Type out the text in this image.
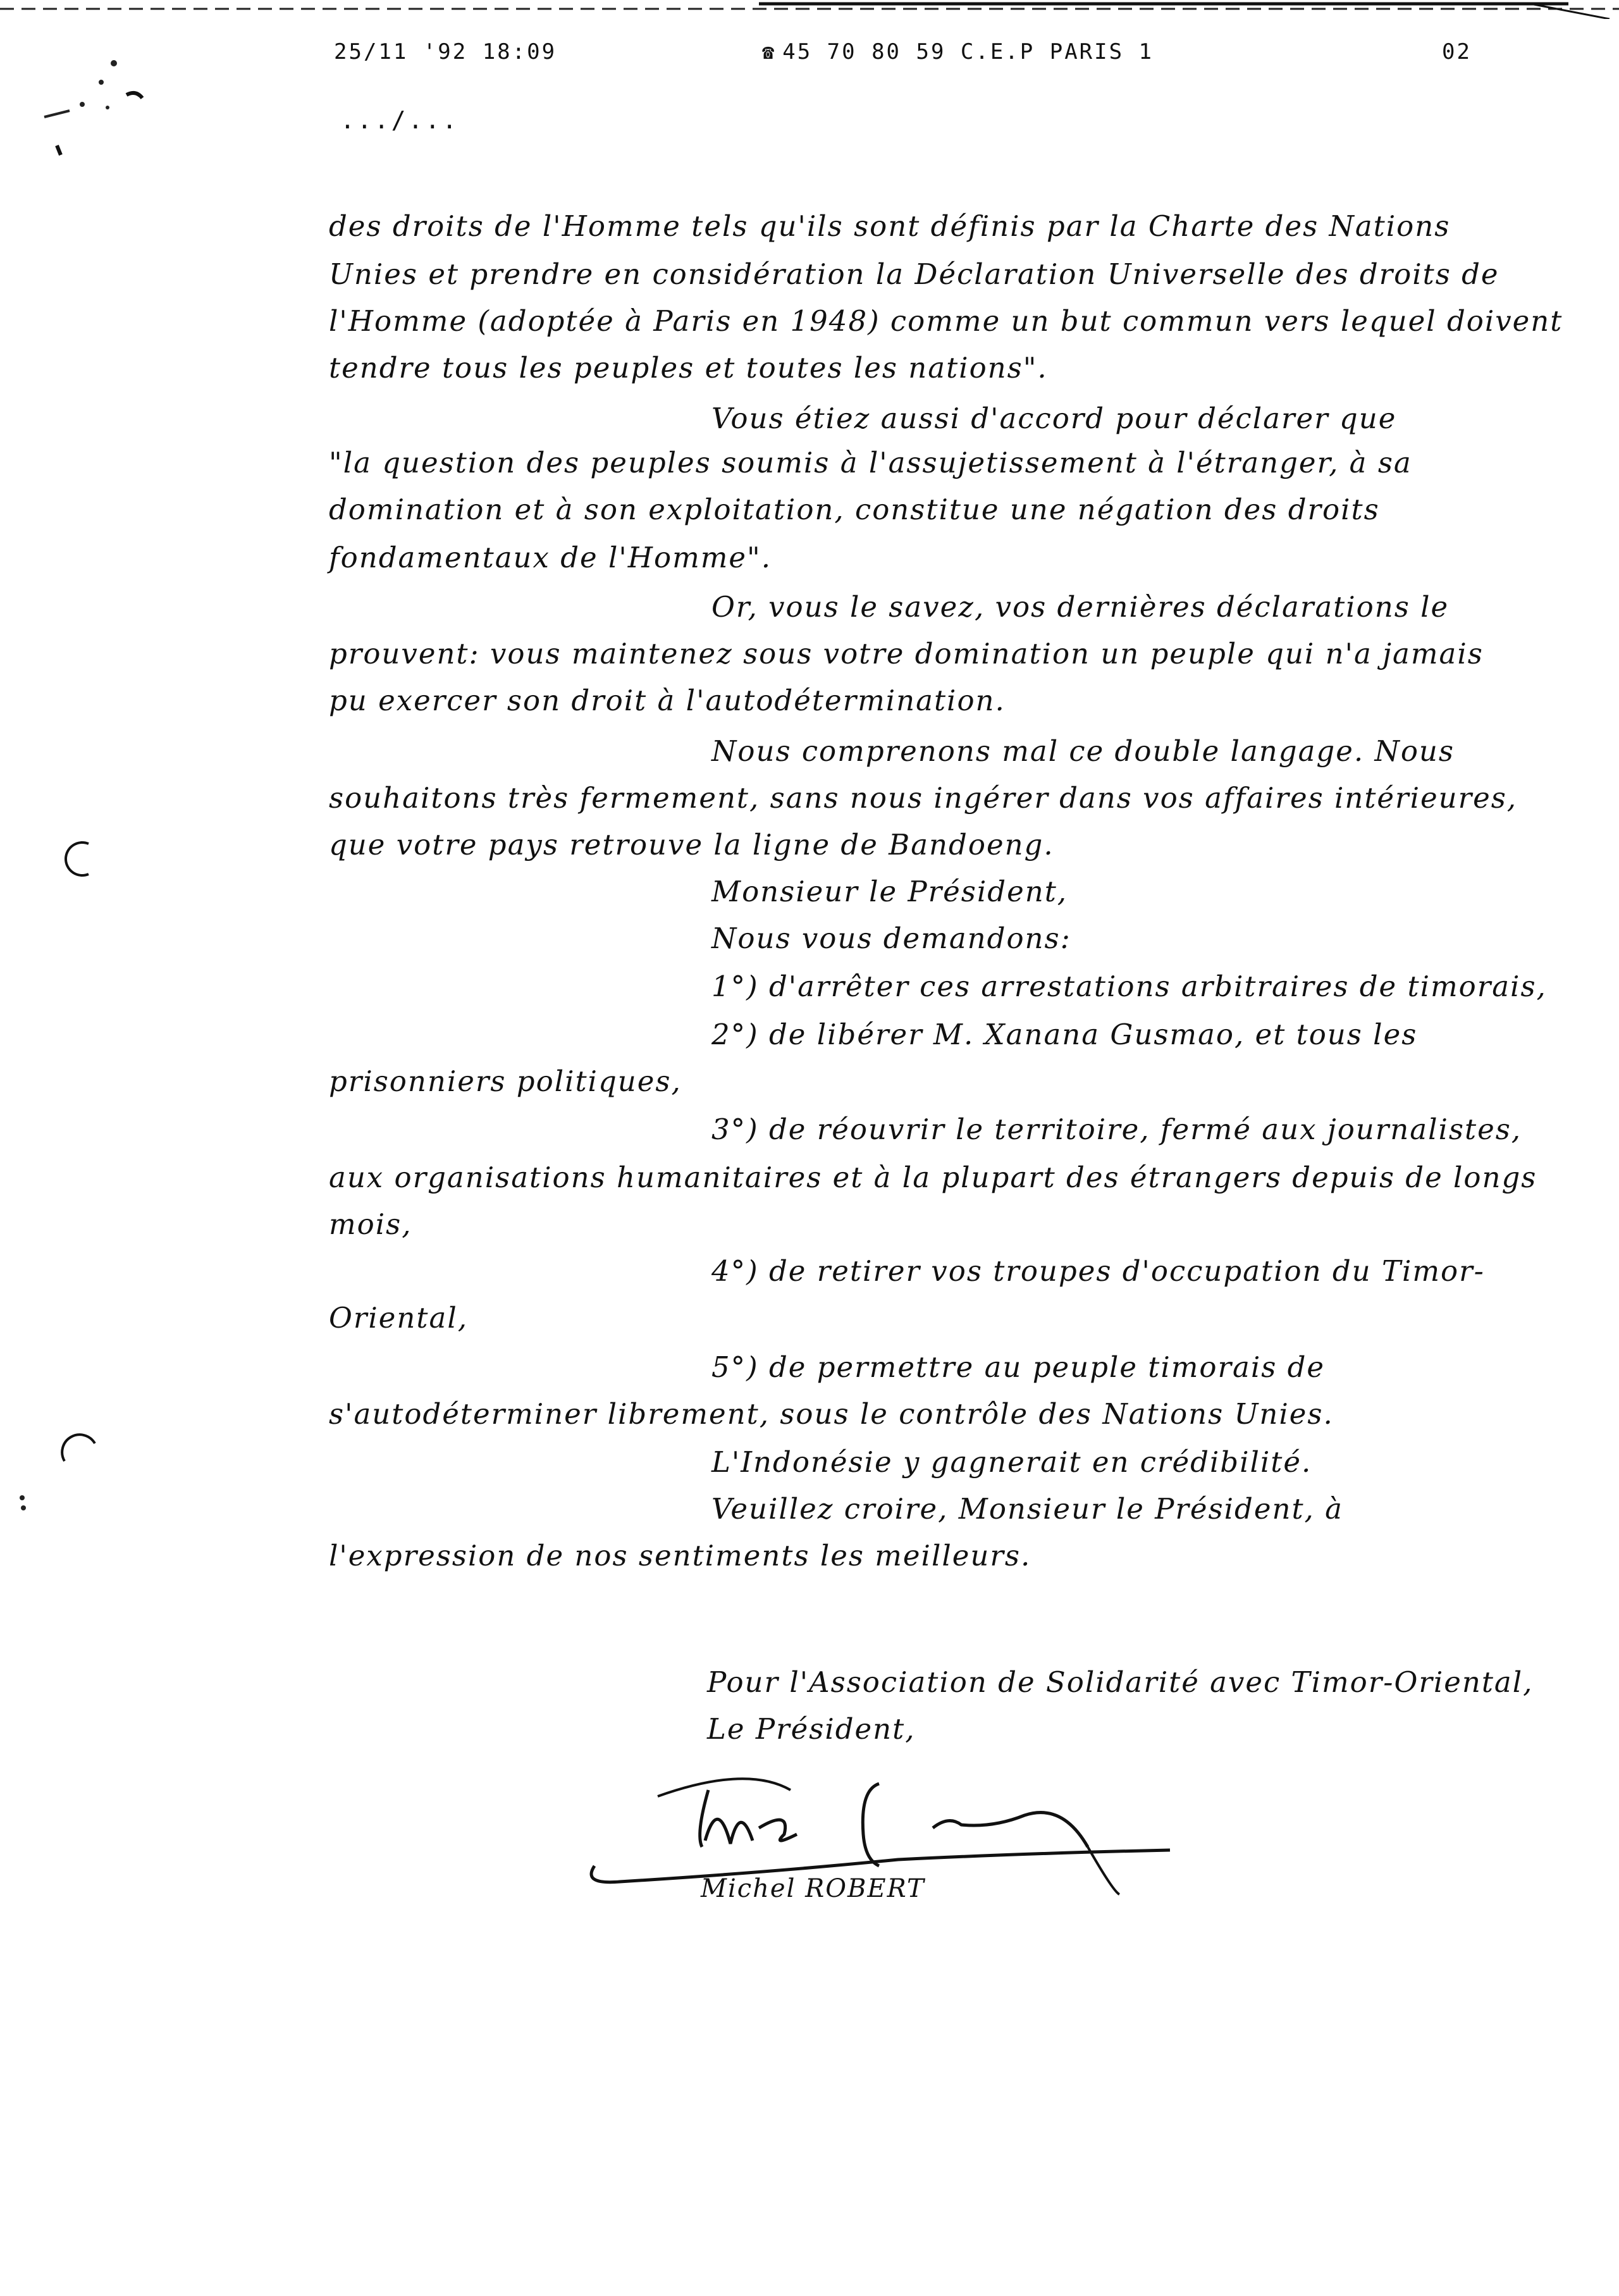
25/11 '92 18:09	☎ 45 70 80 59 C.E.P PARIS 1	02
.../...
des droits de l'Homme tels qu'ils sont définis par la Charte des Nations
Unies et prendre en considération la Déclaration Universelle des droits de
l'Homme (adoptée à Paris en 1948) comme un but commun vers lequel doivent
tendre tous les peuples et toutes les nations".
Vous étiez aussi d'accord pour déclarer que
"la question des peuples soumis à l'assujetissement à l'étranger, à sa
domination et à son exploitation, constitue une négation des droits
fondamentaux de l'Homme".
Or, vous le savez, vos dernières déclarations le
prouvent: vous maintenez sous votre domination un peuple qui n'a jamais
pu exercer son droit à l'autodétermination.
Nous comprenons mal ce double langage. Nous
souhaitons très fermement, sans nous ingérer dans vos affaires intérieures,
que votre pays retrouve la ligne de Bandoeng.
Monsieur le Président,
Nous vous demandons:
1°) d'arrêter ces arrestations arbitraires de timorais,
2°) de libérer M. Xanana Gusmao, et tous les
prisonniers politiques,
3°) de réouvrir le territoire, fermé aux journalistes,
aux organisations humanitaires et à la plupart des étrangers depuis de longs
mois,
4°) de retirer vos troupes d'occupation du Timor-
Oriental,
5°) de permettre au peuple timorais de
s'autodéterminer librement, sous le contrôle des Nations Unies.
L'Indonésie y gagnerait en crédibilité.
Veuillez croire, Monsieur le Président, à
l'expression de nos sentiments les meilleurs.
Pour l'Association de Solidarité avec Timor-Oriental,
Le Président,
Michel ROBERT
